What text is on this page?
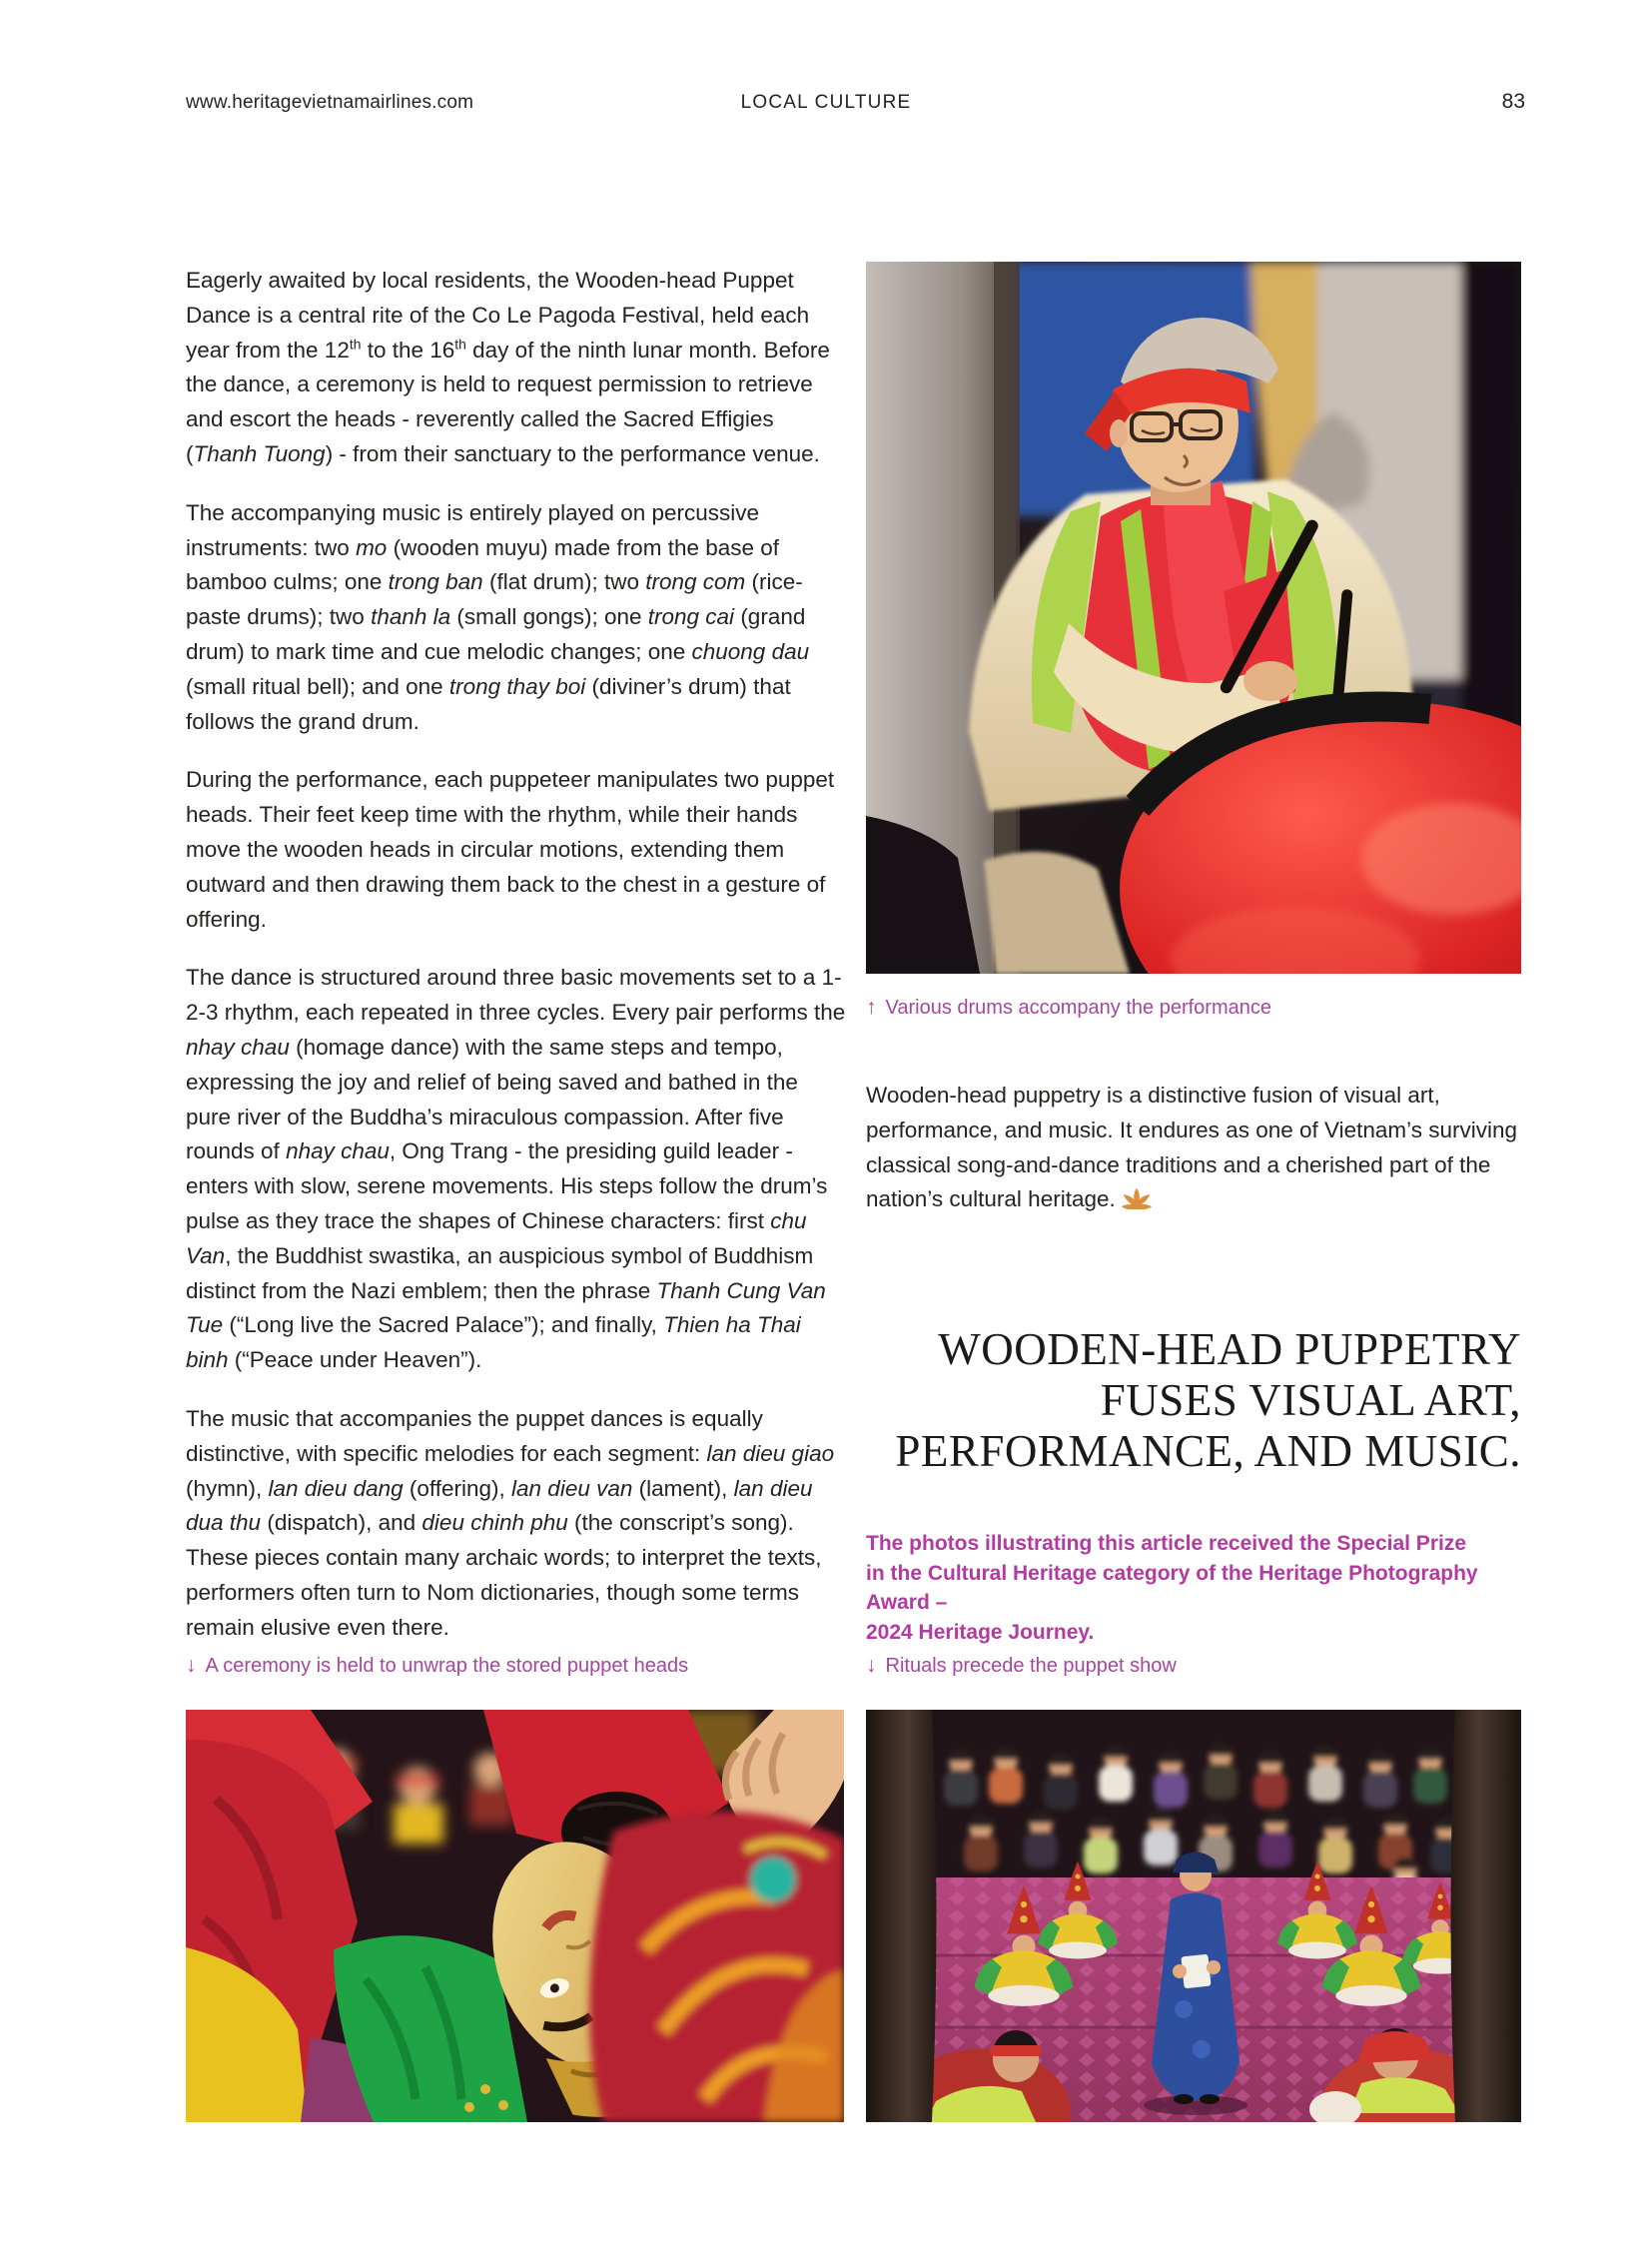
www.heritagevietnamairlines.com	LOCAL CULTURE	83

Eagerly awaited by local residents, the Wooden-head Puppet Dance is a central rite of the Co Le Pagoda Festival, held each year from the 12th to the 16th day of the ninth lunar month. Before the dance, a ceremony is held to request permission to retrieve and escort the heads - reverently called the Sacred Effigies (Thanh Tuong) - from their sanctuary to the performance venue.

The accompanying music is entirely played on percussive instruments: two mo (wooden muyu) made from the base of bamboo culms; one trong ban (flat drum); two trong com (rice-paste drums); two thanh la (small gongs); one trong cai (grand drum) to mark time and cue melodic changes; one chuong dau (small ritual bell); and one trong thay boi (diviner’s drum) that follows the grand drum.

During the performance, each puppeteer manipulates two puppet heads. Their feet keep time with the rhythm, while their hands move the wooden heads in circular motions, extending them outward and then drawing them back to the chest in a gesture of offering.

The dance is structured around three basic movements set to a 1-2-3 rhythm, each repeated in three cycles. Every pair performs the nhay chau (homage dance) with the same steps and tempo, expressing the joy and relief of being saved and bathed in the pure river of the Buddha’s miraculous compassion. After five rounds of nhay chau, Ong Trang - the presiding guild leader - enters with slow, serene movements. His steps follow the drum’s pulse as they trace the shapes of Chinese characters: first chu Van, the Buddhist swastika, an auspicious symbol of Buddhism distinct from the Nazi emblem; then the phrase Thanh Cung Van Tue (“Long live the Sacred Palace”); and finally, Thien ha Thai binh (“Peace under Heaven”).

The music that accompanies the puppet dances is equally distinctive, with specific melodies for each segment: lan dieu giao (hymn), lan dieu dang (offering), lan dieu van (lament), lan dieu dua thu (dispatch), and dieu chinh phu (the conscript’s song). These pieces contain many archaic words; to interpret the texts, performers often turn to Nom dictionaries, though some terms remain elusive even there.

↑ Various drums accompany the performance
Wooden-head puppetry is a distinctive fusion of visual art, performance, and music. It endures as one of Vietnam’s surviving classical song-and-dance traditions and a cherished part of the nation’s cultural heritage.
WOODEN-HEAD PUPPETRY
FUSES VISUAL ART,
PERFORMANCE, AND MUSIC.
The photos illustrating this article received the Special Prize
in the Cultural Heritage category of the Heritage Photography Award –
2024 Heritage Journey.
↓ A ceremony is held to unwrap the stored puppet heads	↓ Rituals precede the puppet show
